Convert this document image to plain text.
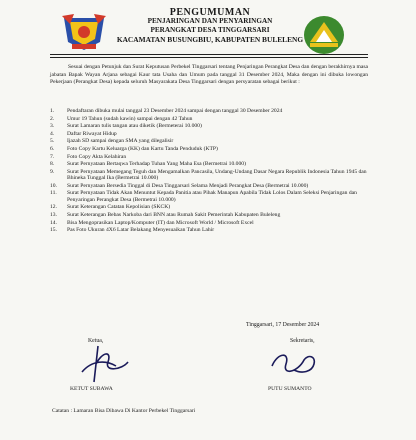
PENGUMUMAN
PENJARINGAN DAN PENYARINGAN
PERANGKAT DESA TINGGARSARI
KACAMATAN BUSUNGBIU, KABUPATEN BULELENG
Sesuai dengan Petunjuk dan Surat Keputusan Perbekel Tinggarsari tentang Penjaringan Perangkat Desa dan dengan berakhirnya masa jabatan Bapak Wayan Arjana sebagai Kaur tata Usaha dan Umum pada tanggal 31 Desember 2024, Maka dengan ini dibuka lowongan Pekerjaan (Perangkat Desa) kepada seluruh Masyarakata Desa Tinggarsari dengan persyaratan sebagai berikut :
1.	Pendaftaran dibuka mulai tanggal 23 Desember 2024 sampai dengan tanggal 30 Desember 2024
2.	Umur 19 Tahun (sudah kawin) sampai dengan 42 Tahun
3.	Surat Lamaran tulis tangan atau diketik (Bermeterai 10.000)
4.	Daftar Riwayat Hidup
5.	Ijazah SD sampai dengan SMA yang dilegalisir
6.	Foto Copy Kartu Keluarga (KK) dan Kartu Tanda Penduduk (KTP)
7.	Foto Copy Akta Kelahiran
8.	Surat Pernyataan Bertaqwa Terhadap Tuhan Yang Maha Esa (Bermetrai 10.000)
9.	Surat Pernyataan Memegang Teguh dan Mengamalkan Pancasila, Undang-Undang Dasar Negara Republik Indonesia Tahun 1945 dan Bhineka Tunggal Ika (Bermetrai 10.000)
10.	Surat Pernyataan Bersedia Tinggal di Desa Tinggarsari Selama Menjadi Perangkat Desa (Bermetrai 10.000)
11.	Surat Pernyataan Tidak Akan Menuntut Kepada Panitia atau Pihak Manapun Apabila Tidak Lolos Dalam Seleksi Penjaringan dan Penyaringan Perangkat Desa (Bermetrai 10.000)
12.	Surat Keterangan Catatan Kepolisian (SKCK)
13.	Surat Keterangan Bebas Narkoba dari BNN atau Rumah Sakit Pemerintah Kabupaten Buleleng
14.	Bisa Mengoprasikan Laptop/Komputer (IT) dan Microsoft World / Microsoft Excel
15.	Pas Foto Ukuran 4X6 Latar Belakang Menyesuaikan Tahun Lahir
Tinggarsari, 17 Desember 2024
Ketua,	Sekretaris,
KETUT SUBAWA	PUTU SUMANTO
Catatan : Lamaran Bisa Dibawa Di Kantor Perbekel Tinggarsari
